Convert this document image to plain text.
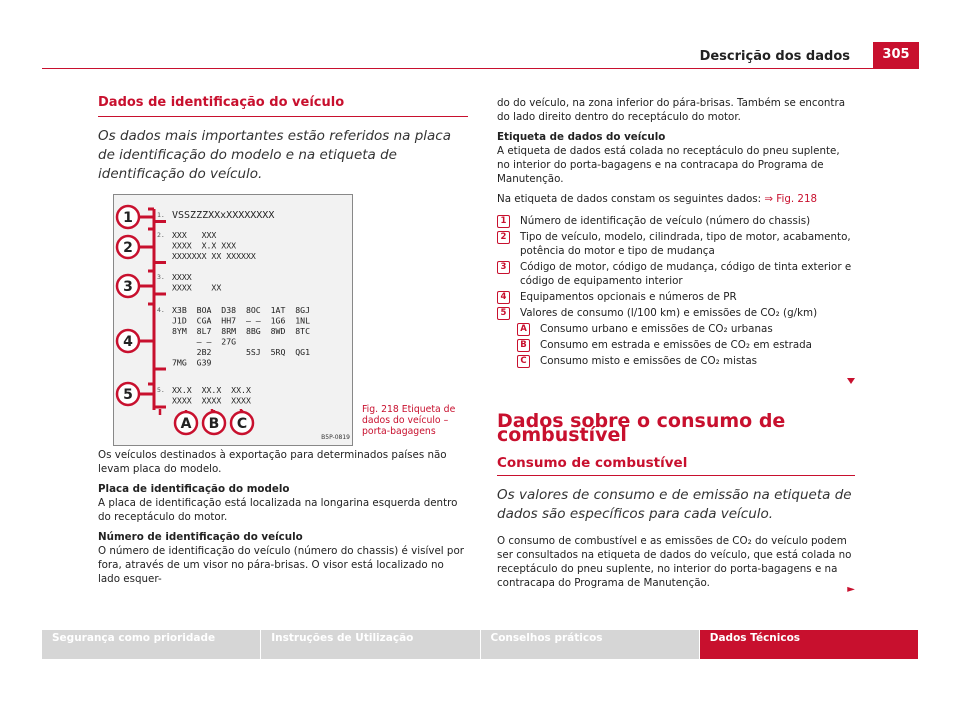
Descrição dos dados	305
Dados de identificação do veículo

Os dados mais importantes estão referidos na placa de identificação do modelo e na etiqueta de identificação do veículo.

1. VSSZZZXXxXXXXXXXX
2. XXX   XXX
XXXX  X.X XXX
XXXXXXX XX XXXXXX
3. XXXX
XXXX    XX
4. X3B  BOA  D38  8OC  1AT  8GJ
J1D  CGA  HH7  – –  1G6  1NL
8YM  8L7  8RM  8BG  8WD  8TC
– –  27G
2B2       5SJ  5RQ  QG1
7MG  G39
5. XX.X  XX.X  XX.X
XXXX  XXXX  XXXX
1
2
3
4
5
A B C
B5P-0819
Fig. 218 Etiqueta de dados do veículo – porta-bagagens

Os veículos destinados à exportação para determinados países não levam placa do modelo.

Placa de identificação do modelo

A placa de identificação está localizada na longarina esquerda dentro do receptáculo do motor.

Número de identificação do veículo

O número de identificação do veículo (número do chassis) é visível por fora, através de um visor no pára-brisas. O visor está localizado no lado esquer-

do do veículo, na zona inferior do pára-brisas. Também se encontra do lado direito dentro do receptáculo do motor.

Etiqueta de dados do veículo

A etiqueta de dados está colada no receptáculo do pneu suplente, no interior do porta-bagagens e na contracapa do Programa de Manutenção.

Na etiqueta de dados constam os seguintes dados: ⇒ Fig. 218

1	Número de identificação de veículo (número do chassis)
2	Tipo de veículo, modelo, cilindrada, tipo de motor, acabamento, potência do motor e tipo de mudança
3	Código de motor, código de mudança, código de tinta exterior e código de equipamento interior
4	Equipamentos opcionais e números de PR
5	Valores de consumo (l/100 km) e emissões de CO₂ (g/km)
A	Consumo urbano e emissões de CO₂ urbanas
B	Consumo em estrada e emissões de CO₂ em estrada
C	Consumo misto e emissões de CO₂ mistas
Dados sobre o consumo de combustível
Consumo de combustível

Os valores de consumo e de emissão na etiqueta de dados são específicos para cada veículo.

O consumo de combustível e as emissões de CO₂ do veículo podem ser consultados na etiqueta de dados do veículo, que está colada no receptáculo do pneu suplente, no interior do porta-bagagens e na contracapa do Programa de Manutenção.

►
Segurança como prioridade	Instruções de Utilização	Conselhos práticos	Dados Técnicos
